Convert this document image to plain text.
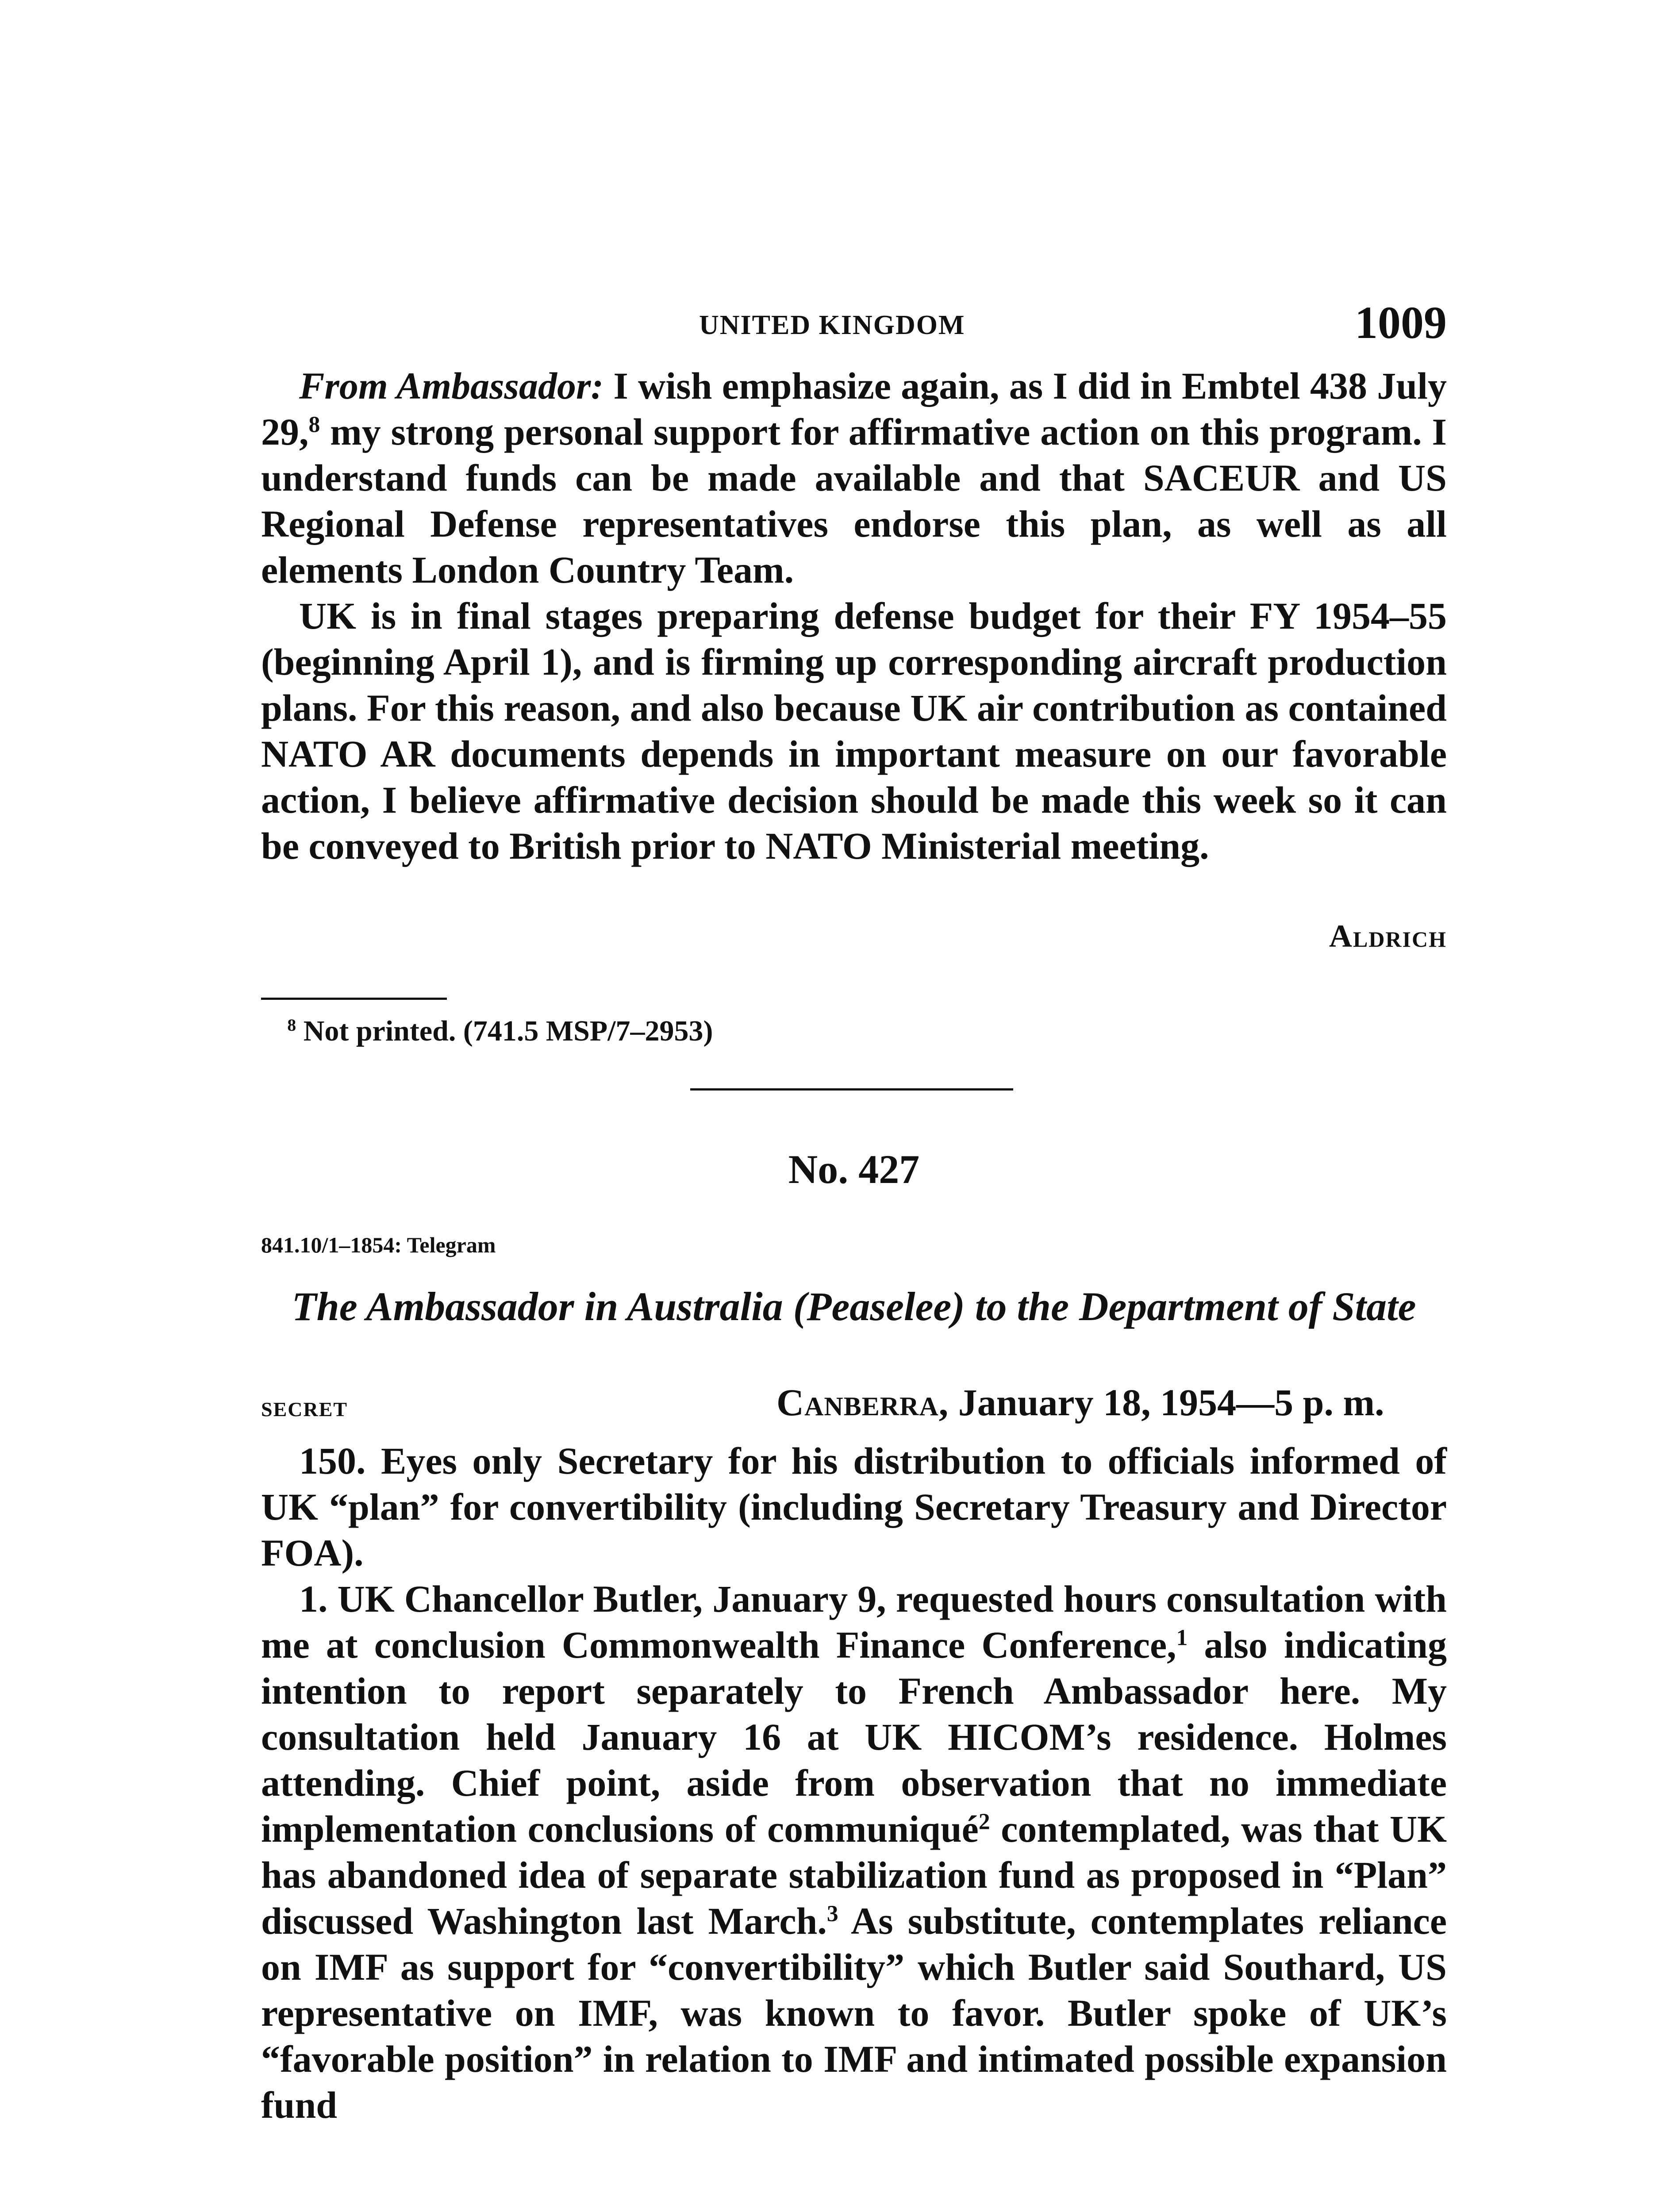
UNITED KINGDOM	1009

From Ambassador: I wish emphasize again, as I did in Embtel 438 July 29,$^8$ my strong personal support for affirmative action on this program. I understand funds can be made available and that SACEUR and US Regional Defense representatives endorse this plan, as well as all elements London Country Team.

UK is in final stages preparing defense budget for their FY 1954–55 (beginning April 1), and is firming up corresponding aircraft production plans. For this reason, and also because UK air contribution as contained NATO AR documents depends in important measure on our favorable action, I believe affirmative decision should be made this week so it can be conveyed to British prior to NATO Ministerial meeting.

Aldrich

$^8$ Not printed. (741.5 MSP/7–2953)

No. 427
841.10/1–1854: Telegram
The Ambassador in Australia (Peaselee) to the Department of State
secret	Canberra, January 18, 1954—5 p. m.

150. Eyes only Secretary for his distribution to officials informed of UK “plan” for convertibility (including Secretary Treasury and Director FOA).

1. UK Chancellor Butler, January 9, requested hours consultation with me at conclusion Commonwealth Finance Conference,$^1$ also indicating intention to report separately to French Ambassador here. My consultation held January 16 at UK HICOM’s residence. Holmes attending. Chief point, aside from observation that no immediate implementation conclusions of communiqué$^2$ contemplated, was that UK has abandoned idea of separate stabilization fund as proposed in “Plan” discussed Washington last March.$^3$ As substitute, contemplates reliance on IMF as support for “convertibility” which Butler said Southard, US representative on IMF, was known to favor. Butler spoke of UK’s “favorable position” in relation to IMF and intimated possible expansion fund
